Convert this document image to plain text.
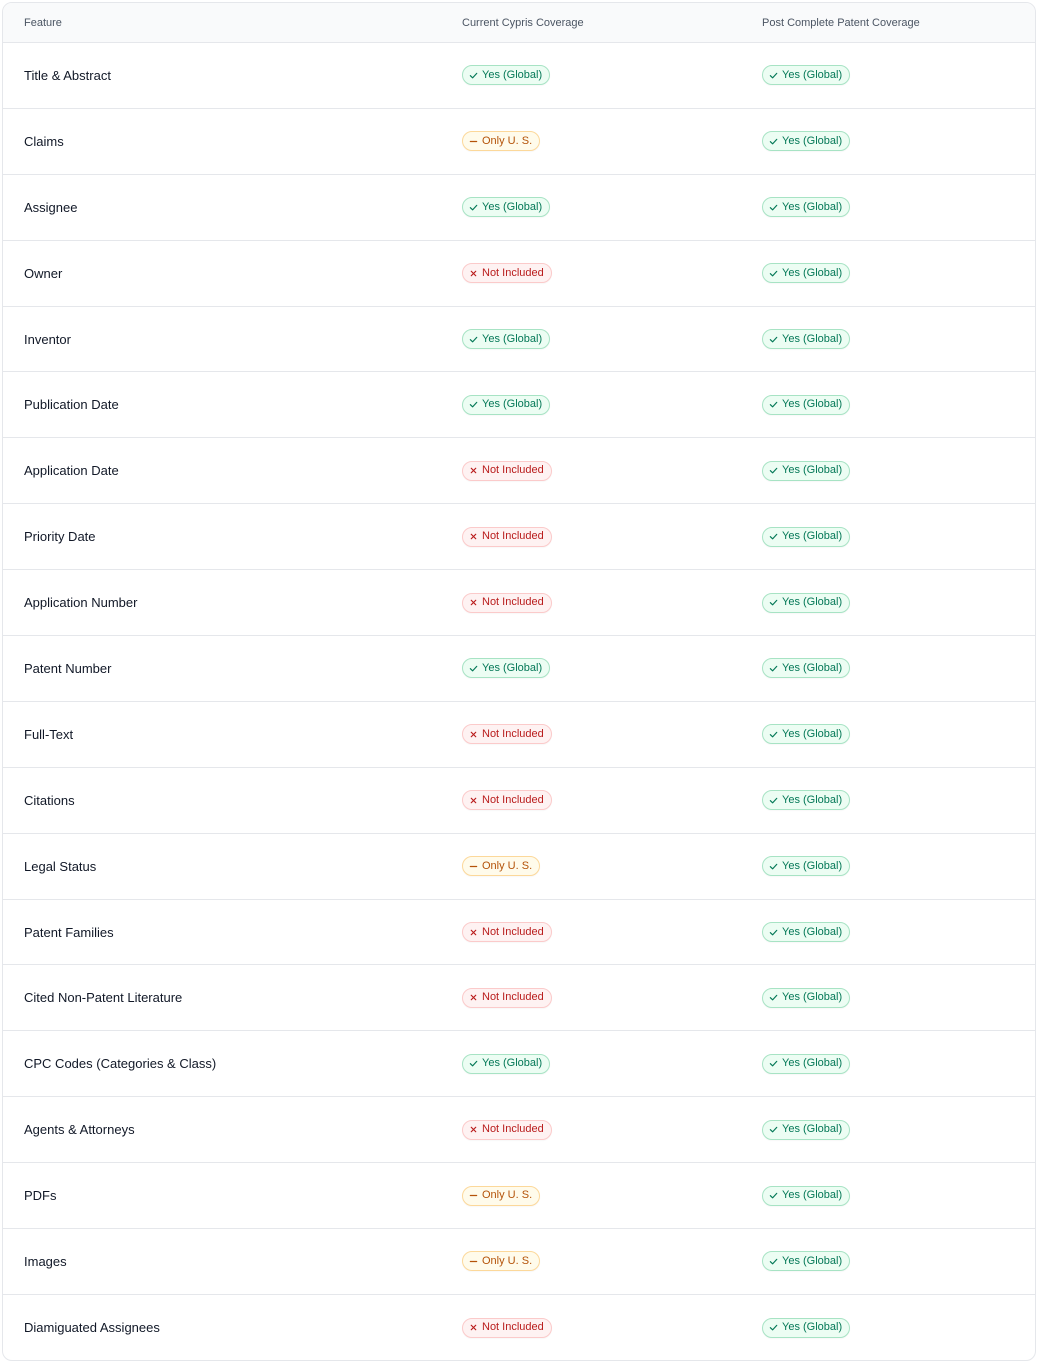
Feature	Current Cypris Coverage	Post Complete Patent Coverage
Title & Abstract	Yes (Global)	Yes (Global)
Claims	Only U. S.	Yes (Global)
Assignee	Yes (Global)	Yes (Global)
Owner	Not Included	Yes (Global)
Inventor	Yes (Global)	Yes (Global)
Publication Date	Yes (Global)	Yes (Global)
Application Date	Not Included	Yes (Global)
Priority Date	Not Included	Yes (Global)
Application Number	Not Included	Yes (Global)
Patent Number	Yes (Global)	Yes (Global)
Full-Text	Not Included	Yes (Global)
Citations	Not Included	Yes (Global)
Legal Status	Only U. S.	Yes (Global)
Patent Families	Not Included	Yes (Global)
Cited Non-Patent Literature	Not Included	Yes (Global)
CPC Codes (Categories & Class)	Yes (Global)	Yes (Global)
Agents & Attorneys	Not Included	Yes (Global)
PDFs	Only U. S.	Yes (Global)
Images	Only U. S.	Yes (Global)
Diamiguated Assignees	Not Included	Yes (Global)
